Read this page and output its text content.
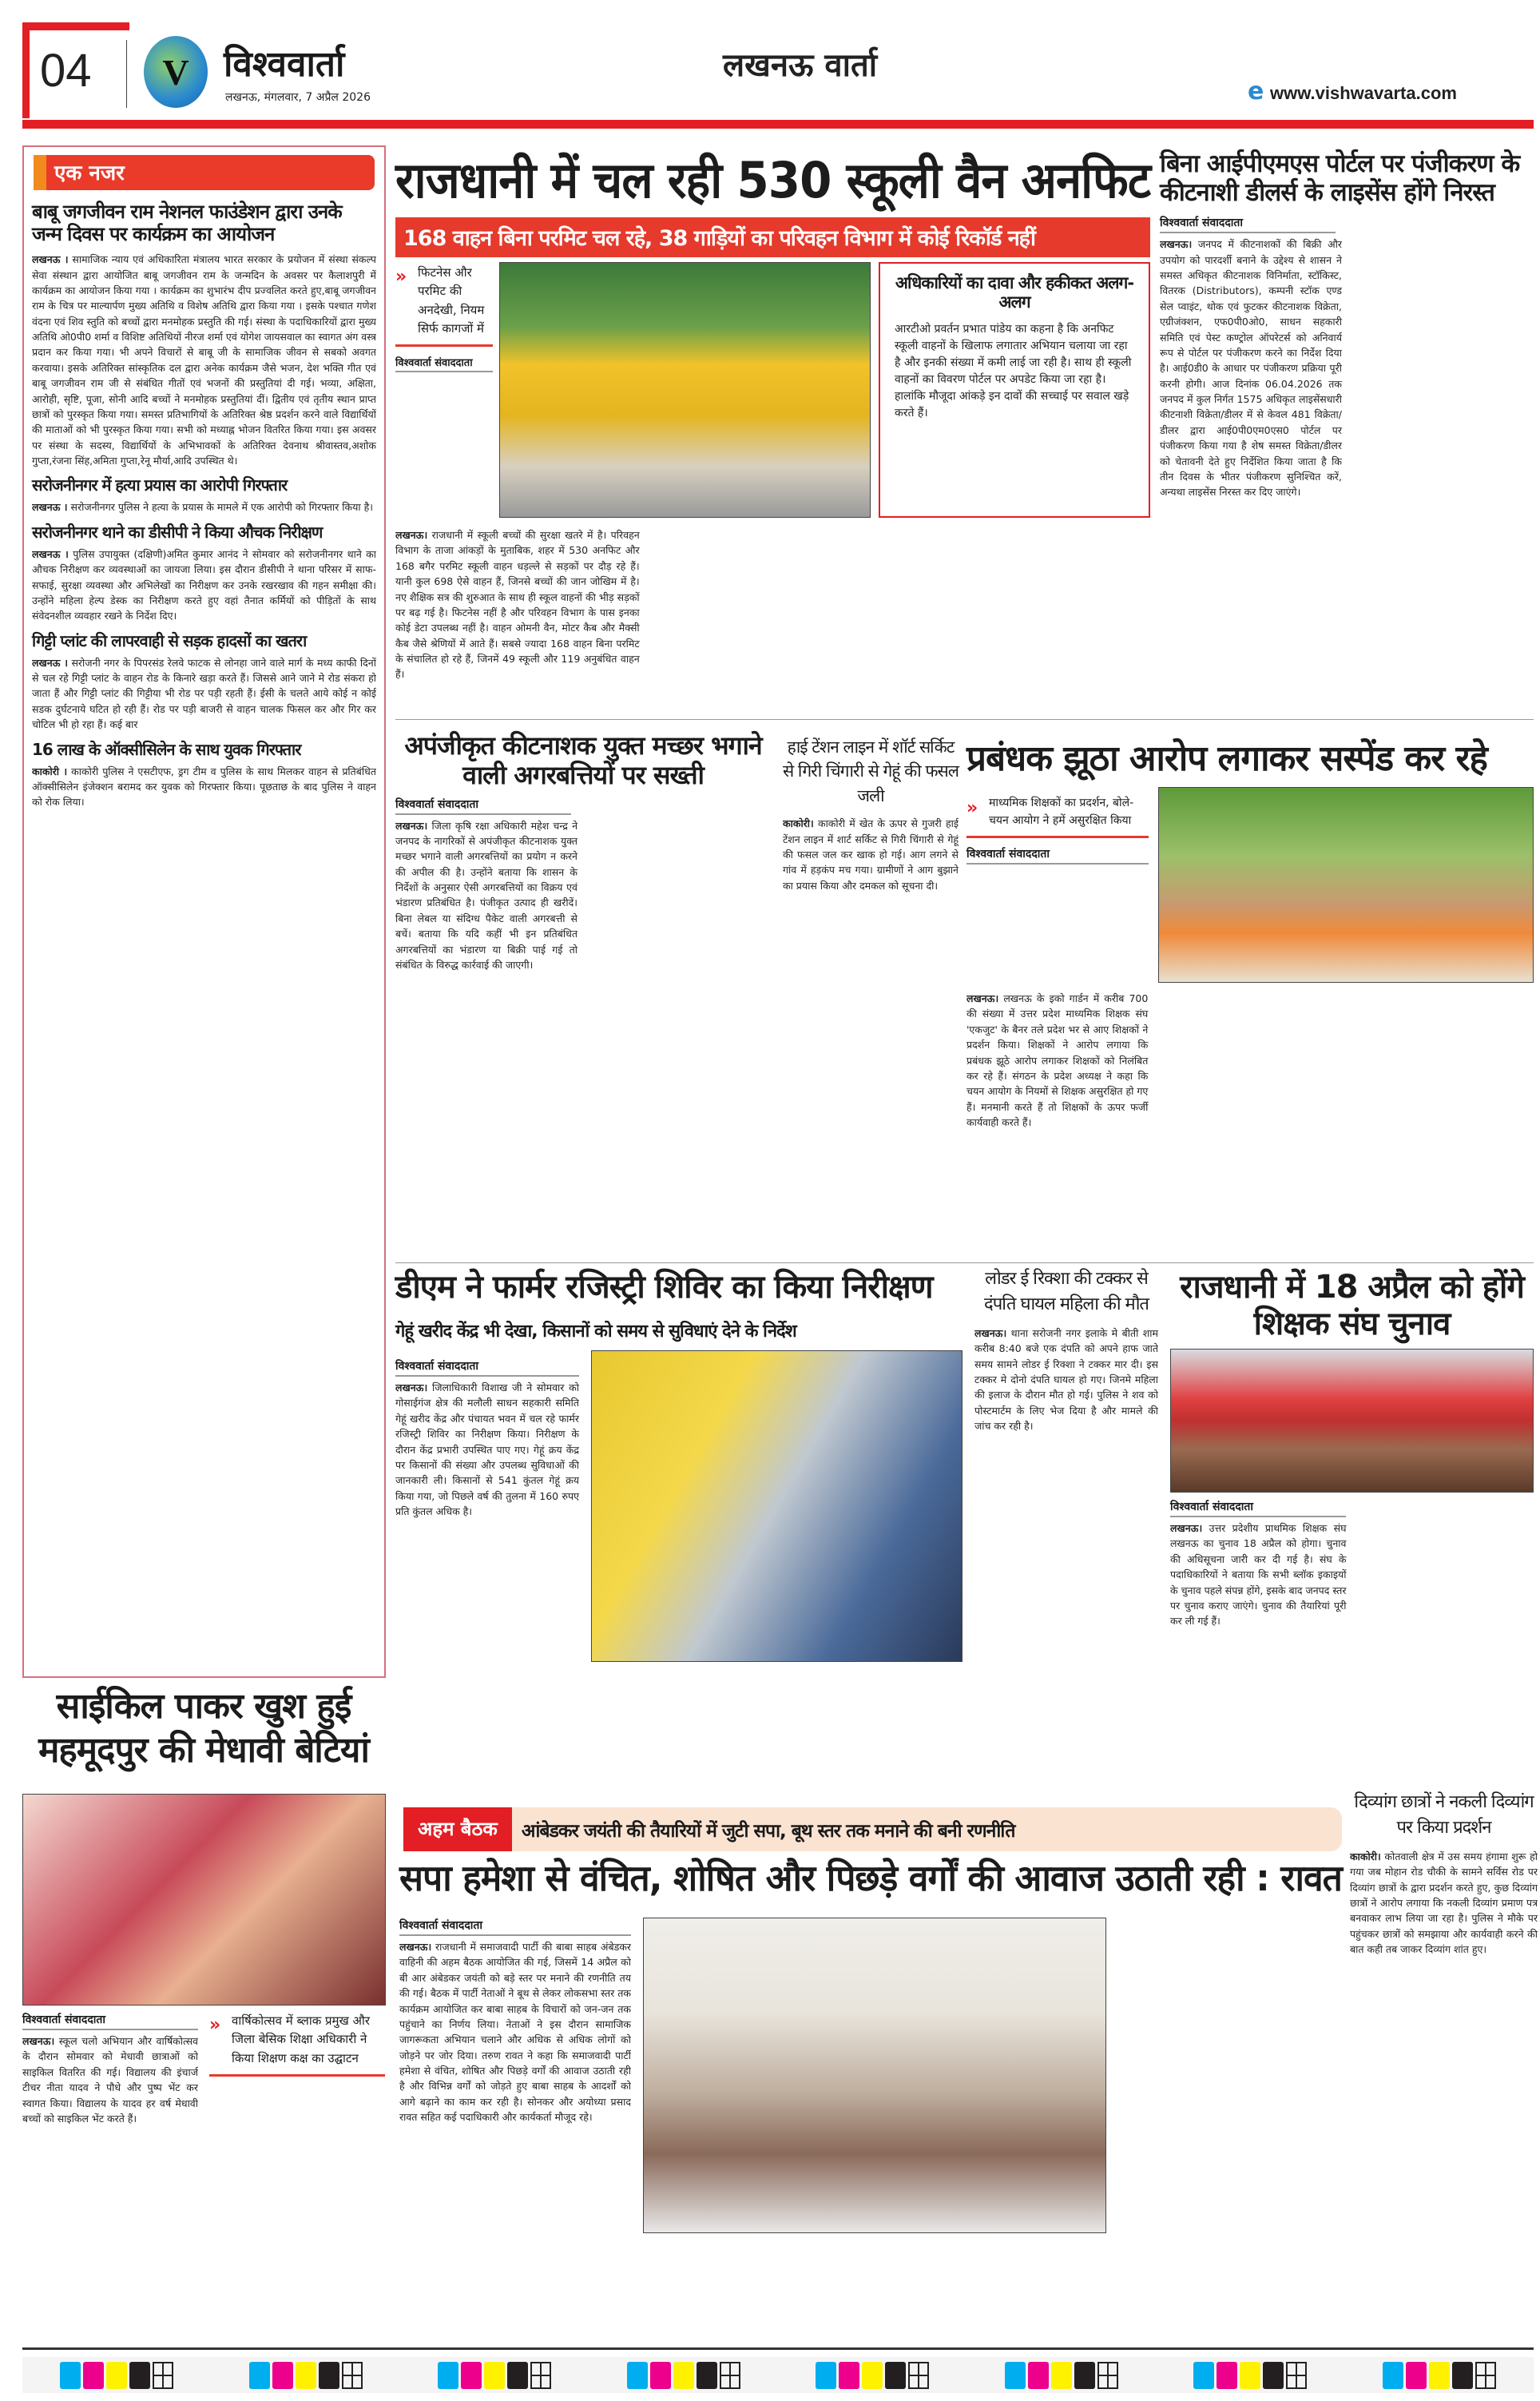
04	V विश्ववार्ता
लखनऊ, मंगलवार, 7 अप्रैल 2026
लखनऊ वार्ता
e www.vishwavarta.com
एक नजर
बाबू जगजीवन राम नेशनल फाउंडेशन द्वारा उनके जन्म दिवस पर कार्यक्रम का आयोजन
लखनऊ । सामाजिक न्याय एवं अधिकारिता मंत्रालय भारत सरकार के प्रयोजन में संस्था संकल्प सेवा संस्थान द्वारा आयोजित बाबू जगजीवन राम के जन्मदिन के अवसर पर कैलाशपुरी में कार्यक्रम का आयोजन किया गया । कार्यक्रम का शुभारंभ दीप प्रज्वलित करते हुए,बाबू जगजीवन राम के चित्र पर माल्यार्पण मुख्य अतिथि व विशेष अतिथि द्वारा किया गया । इसके पश्चात गणेश वंदना एवं शिव स्तुति को बच्चों द्वारा मनमोहक प्रस्तुति की गई। संस्था के पदाधिकारियों द्वारा मुख्य अतिथि ओ0पी0 शर्मा व विशिष्ट अतिथियों नीरज शर्मा एवं योगेश जायसवाल का स्वागत अंग वस्त्र प्रदान कर किया गया। भी अपने विचारों से बाबू जी के सामाजिक जीवन से सबको अवगत करवाया। इसके अतिरिक्त सांस्कृतिक दल द्वारा अनेक कार्यक्रम जैसे भजन, देश भक्ति गीत एवं बाबू जगजीवन राम जी से संबंधित गीतों एवं भजनों की प्रस्तुतियां दी गई। भव्या, अक्षिता, आरोही, सृष्टि, पूजा, सोनी आदि बच्चों ने मनमोहक प्रस्तुतियां दीं। द्वितीय एवं तृतीय स्थान प्राप्त छात्रों को पुरस्कृत किया गया। समस्त प्रतिभागियों के अतिरिक्त श्रेष्ठ प्रदर्शन करने वाले विद्यार्थियों की माताओं को भी पुरस्कृत किया गया। सभी को मध्याह्न भोजन वितरित किया गया। इस अवसर पर संस्था के सदस्य, विद्यार्थियों के अभिभावकों के अतिरिक्त देवनाथ श्रीवास्तव,अशोक गुप्ता,रंजना सिंह,अमिता गुप्ता,रेनू मौर्या,आदि उपस्थित थे।
सरोजनीनगर में हत्या प्रयास का आरोपी गिरफ्तार
लखनऊ । सरोजनीनगर पुलिस ने हत्या के प्रयास के मामले में एक आरोपी को गिरफ्तार किया है।
सरोजनीनगर थाने का डीसीपी ने किया औचक निरीक्षण
लखनऊ । पुलिस उपायुक्त (दक्षिणी)अमित कुमार आनंद ने सोमवार को सरोजनीनगर थाने का औचक निरीक्षण कर व्यवस्थाओं का जायजा लिया। इस दौरान डीसीपी ने थाना परिसर में साफ-सफाई, सुरक्षा व्यवस्था और अभिलेखों का निरीक्षण कर उनके रखरखाव की गहन समीक्षा की। उन्होंने महिला हेल्प डेस्क का निरीक्षण करते हुए वहां तैनात कर्मियों को पीड़ितों के साथ संवेदनशील व्यवहार रखने के निर्देश दिए।
गिट्टी प्लांट की लापरवाही से सड़क हादसों का खतरा
लखनऊ । सरोजनी नगर के पिपरसंड रेलवे फाटक से लोनहा जाने वाले मार्ग के मध्य काफी दिनों से चल रहे गिट्टी प्लांट के वाहन रोड के किनारे खड़ा करते हैं। जिससे आने जाने मे रोड संकरा हो जाता हैं और गिट्टी प्लांट की गिट्टीया भी रोड पर पड़ी रहती हैं। ईसी के चलते आये कोई न कोई सडक दुर्घटनाये घटित हो रही हैं। रोड पर पड़ी बाजरी से वाहन चालक फिसल कर और गिर कर चोटिल भी हो रहा हैं। कई बार
16 लाख के ऑक्सीसिलेन के साथ युवक गिरफ्तार
काकोरी । काकोरी पुलिस ने एसटीएफ, ड्रग टीम व पुलिस के साथ मिलकर वाहन से प्रतिबंधित ऑक्सीसिलेन इंजेक्शन बरामद कर युवक को गिरफ्तार किया। पूछताछ के बाद पुलिस ने वाहन को रोक लिया।
साईकिल पाकर खुश हुई महमूदपुर की मेधावी बेटियां
विश्ववार्ता संवाददाता
लखनऊ। स्कूल चलो अभियान और वार्षिकोत्सव के दौरान सोमवार को मेधावी छात्राओं को साइकिल वितरित की गई। विद्यालय की इंचार्ज टीचर नीता यादव ने पौधे और पुष्प भेंट कर स्वागत किया। विद्यालय के यादव हर वर्ष मेधावी बच्चों को साइकिल भेंट करते हैं।
» वार्षिकोत्सव में ब्लाक प्रमुख और जिला बेसिक शिक्षा अधिकारी ने किया शिक्षण कक्ष का उद्घाटन
राजधानी में चल रही 530 स्कूली वैन अनफिट
168 वाहन बिना परमिट चल रहे, 38 गाड़ियों का परिवहन विभाग में कोई रिकॉर्ड नहीं
» फिटनेस और परमिट की अनदेखी, नियम सिर्फ कागजों में
विश्ववार्ता संवाददाता
अधिकारियों का दावा और हकीकत अलग-अलग
आरटीओ प्रवर्तन प्रभात पांडेय का कहना है कि अनफिट स्कूली वाहनों के खिलाफ लगातार अभियान चलाया जा रहा है और इनकी संख्या में कमी लाई जा रही है। साथ ही स्कूली वाहनों का विवरण पोर्टल पर अपडेट किया जा रहा है। हालांकि मौजूदा आंकड़े इन दावों की सच्चाई पर सवाल खड़े करते हैं।
लखनऊ। राजधानी में स्कूली बच्चों की सुरक्षा खतरे में है। परिवहन विभाग के ताजा आंकड़ों के मुताबिक, शहर में 530 अनफिट और 168 बगैर परमिट स्कूली वाहन धड़ल्ले से सड़कों पर दौड़ रहे हैं। यानी कुल 698 ऐसे वाहन हैं, जिनसे बच्चों की जान जोखिम में है। नए शैक्षिक सत्र की शुरुआत के साथ ही स्कूल वाहनों की भीड़ सड़कों पर बढ़ गई है। फिटनेस नहीं है और परिवहन विभाग के पास इनका कोई डेटा उपलब्ध नहीं है। वाहन ओमनी वैन, मोटर कैब और मैक्सी कैब जैसे श्रेणियों में आते हैं। सबसे ज्यादा 168 वाहन बिना परमिट के संचालित हो रहे हैं, जिनमें 49 स्कूली और 119 अनुबंधित वाहन हैं।
बिना आईपीएमएस पोर्टल पर पंजीकरण के कीटनाशी डीलर्स के लाइसेंस होंगे निरस्त
विश्ववार्ता संवाददाता
लखनऊ। जनपद में कीटनाशकों की बिक्री और उपयोग को पारदर्शी बनाने के उद्देश्य से शासन ने समस्त अधिकृत कीटनाशक विनिर्माता, स्टॉकिस्ट, वितरक (Distributors), कम्पनी स्टॉक एण्ड सेल प्वाइंट, थोक एवं फुटकर कीटनाशक विक्रेता, एग्रीजंक्शन, एफ0पी0ओ0, साधन सहकारी समिति एवं पेस्ट कण्ट्रोल ऑपरेटर्स को अनिवार्य रूप से पोर्टल पर पंजीकरण करने का निर्देश दिया है। आई0डी0 के आधार पर पंजीकरण प्रक्रिया पूरी करनी होगी। आज दिनांक 06.04.2026 तक जनपद में कुल निर्गत 1575 अधिकृत लाइसेंसधारी कीटनाशी विक्रेता/डीलर में से केवल 481 विक्रेता/डीलर द्वारा आई0पी0एम0एस0 पोर्टल पर पंजीकरण किया गया है शेष समस्त विक्रेता/डीलर को चेतावनी देते हुए निर्देशित किया जाता है कि तीन दिवस के भीतर पंजीकरण सुनिश्चित करें, अन्यथा लाइसेंस निरस्त कर दिए जाएंगे।
अपंजीकृत कीटनाशक युक्त मच्छर भगाने वाली अगरबत्तियों पर सख्ती
विश्ववार्ता संवाददाता
लखनऊ। जिला कृषि रक्षा अधिकारी महेश चन्द्र ने जनपद के नागरिकों से अपंजीकृत कीटनाशक युक्त मच्छर भगाने वाली अगरबत्तियों का प्रयोग न करने की अपील की है। उन्होंने बताया कि शासन के निर्देशों के अनुसार ऐसी अगरबत्तियों का विक्रय एवं भंडारण प्रतिबंधित है। पंजीकृत उत्पाद ही खरीदें। बिना लेबल या संदिग्ध पैकेट वाली अगरबत्ती से बचें। बताया कि यदि कहीं भी इन प्रतिबंधित अगरबत्तियों का भंडारण या बिक्री पाई गई तो संबंधित के विरुद्ध कार्रवाई की जाएगी।
हाई टेंशन लाइन में शॉर्ट सर्किट से गिरी चिंगारी से गेहूं की फसल जली
काकोरी। काकोरी में खेत के ऊपर से गुजरी हाई टेंशन लाइन में शार्ट सर्किट से गिरी चिंगारी से गेहूं की फसल जल कर खाक हो गई। आग लगने से गांव में हड़कंप मच गया। ग्रामीणों ने आग बुझाने का प्रयास किया और दमकल को सूचना दी।
प्रबंधक झूठा आरोप लगाकर सस्पेंड कर रहे
» माध्यमिक शिक्षकों का प्रदर्शन, बोले- चयन आयोग ने हमें असुरक्षित किया
विश्ववार्ता संवाददाता
लखनऊ। लखनऊ के इको गार्डन में करीब 700 की संख्या में उत्तर प्रदेश माध्यमिक शिक्षक संघ 'एकजुट' के बैनर तले प्रदेश भर से आए शिक्षकों ने प्रदर्शन किया। शिक्षकों ने आरोप लगाया कि प्रबंधक झूठे आरोप लगाकर शिक्षकों को निलंबित कर रहे हैं। संगठन के प्रदेश अध्यक्ष ने कहा कि चयन आयोग के नियमों से शिक्षक असुरक्षित हो गए हैं। मनमानी करते हैं तो शिक्षकों के ऊपर फर्जी कार्यवाही करते हैं।
डीएम ने फार्मर रजिस्ट्री शिविर का किया निरीक्षण
गेहूं खरीद केंद्र भी देखा, किसानों को समय से सुविधाएं देने के निर्देश
विश्ववार्ता संवाददाता
लखनऊ। जिलाधिकारी विशाख जी ने सोमवार को गोसाईगंज क्षेत्र की मलौली साधन सहकारी समिति गेहूं खरीद केंद्र और पंचायत भवन में चल रहे फार्मर रजिस्ट्री शिविर का निरीक्षण किया। निरीक्षण के दौरान केंद्र प्रभारी उपस्थित पाए गए। गेहूं क्रय केंद्र पर किसानों की संख्या और उपलब्ध सुविधाओं की जानकारी ली। किसानों से 541 कुंतल गेहूं क्रय किया गया, जो पिछले वर्ष की तुलना में 160 रुपए प्रति कुंतल अधिक है।
लोडर ई रिक्शा की टक्कर से दंपति घायल महिला की मौत
लखनऊ। थाना सरोजनी नगर इलाके मे बीती शाम करीब 8:40 बजे एक दंपति को अपने हाफ जाते समय सामने लोडर ई रिक्शा ने टक्कर मार दी। इस टक्कर मे दोनो दंपति घायल हो गए। जिनमे महिला की इलाज के दौरान मौत हो गई। पुलिस ने शव को पोस्टमार्टम के लिए भेज दिया है और मामले की जांच कर रही है।
राजधानी में 18 अप्रैल को होंगे शिक्षक संघ चुनाव
विश्ववार्ता संवाददाता
लखनऊ। उत्तर प्रदेशीय प्राथमिक शिक्षक संघ लखनऊ का चुनाव 18 अप्रैल को होगा। चुनाव की अधिसूचना जारी कर दी गई है। संघ के पदाधिकारियों ने बताया कि सभी ब्लॉक इकाइयों के चुनाव पहले संपन्न होंगे, इसके बाद जनपद स्तर पर चुनाव कराए जाएंगे। चुनाव की तैयारियां पूरी कर ली गई हैं।
अहम बैठक	आंबेडकर जयंती की तैयारियों में जुटी सपा, बूथ स्तर तक मनाने की बनी रणनीति
सपा हमेशा से वंचित, शोषित और पिछड़े वर्गों की आवाज उठाती रही : रावत
विश्ववार्ता संवाददाता
लखनऊ। राजधानी में समाजवादी पार्टी की बाबा साहब अंबेडकर वाहिनी की अहम बैठक आयोजित की गई, जिसमें 14 अप्रैल को बी आर अंबेडकर जयंती को बड़े स्तर पर मनाने की रणनीति तय की गई। बैठक में पार्टी नेताओं ने बूथ से लेकर लोकसभा स्तर तक कार्यक्रम आयोजित कर बाबा साहब के विचारों को जन-जन तक पहुंचाने का निर्णय लिया। नेताओं ने इस दौरान सामाजिक जागरूकता अभियान चलाने और अधिक से अधिक लोगों को जोड़ने पर जोर दिया। तरुण रावत ने कहा कि समाजवादी पार्टी हमेशा से वंचित, शोषित और पिछड़े वर्गों की आवाज उठाती रही है और विभिन्न वर्गों को जोड़ते हुए बाबा साहब के आदर्शों को आगे बढ़ाने का काम कर रही है। सोनकर और अयोध्या प्रसाद रावत सहित कई पदाधिकारी और कार्यकर्ता मौजूद रहे।
दिव्यांग छात्रों ने नकली दिव्यांग पर किया प्रदर्शन
काकोरी। कोतवाली क्षेत्र में उस समय हंगामा शुरू हो गया जब मोहान रोड चौकी के सामने सर्विस रोड पर दिव्यांग छात्रों के द्वारा प्रदर्शन करते हुए, कुछ दिव्यांग छात्रों ने आरोप लगाया कि नकली दिव्यांग प्रमाण पत्र बनवाकर लाभ लिया जा रहा है। पुलिस ने मौके पर पहुंचकर छात्रों को समझाया और कार्यवाही करने की बात कही तब जाकर दिव्यांग शांत हुए।
